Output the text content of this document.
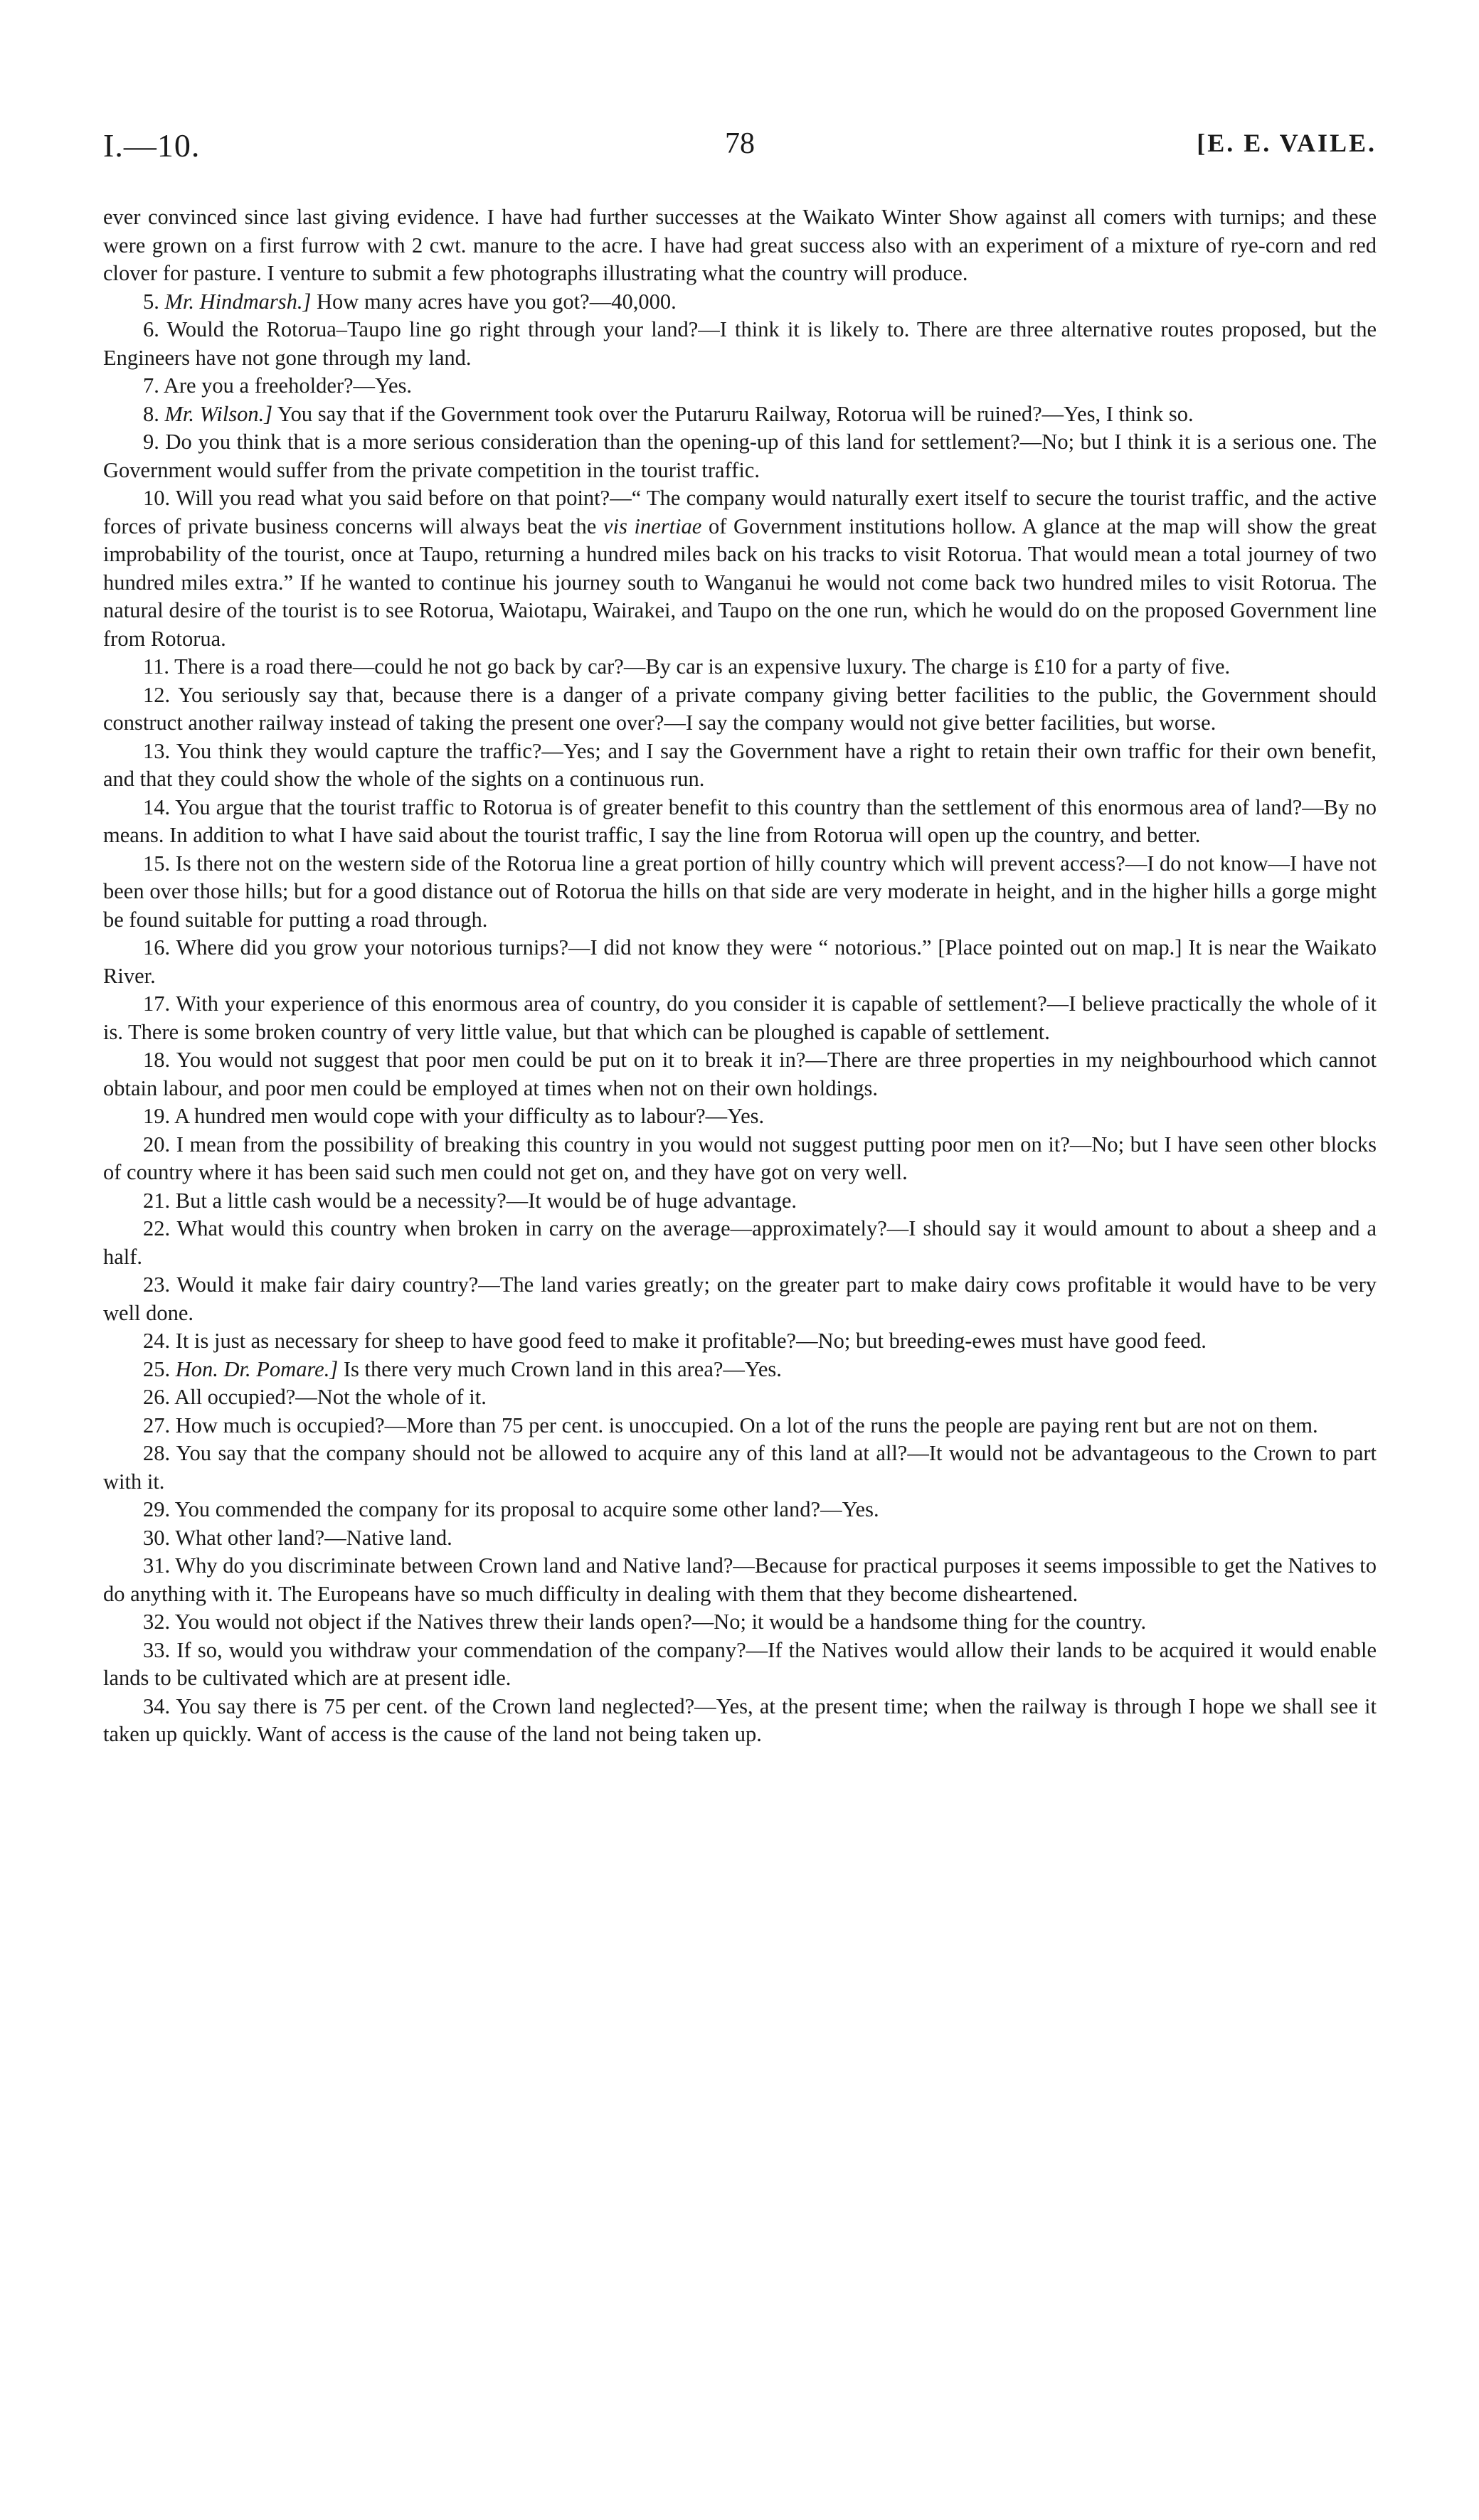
I.—10.	78	[E. E. VAILE.

ever convinced since last giving evidence. I have had further successes at the Waikato Winter Show against all comers with turnips; and these were grown on a first furrow with 2 cwt. manure to the acre. I have had great success also with an experiment of a mixture of rye-corn and red clover for pasture. I venture to submit a few photographs illustrating what the country will produce.

5. Mr. Hindmarsh.] How many acres have you got?—40,000.

6. Would the Rotorua–Taupo line go right through your land?—I think it is likely to. There are three alternative routes proposed, but the Engineers have not gone through my land.

7. Are you a freeholder?—Yes.

8. Mr. Wilson.] You say that if the Government took over the Putaruru Railway, Rotorua will be ruined?—Yes, I think so.

9. Do you think that is a more serious consideration than the opening-up of this land for settlement?—No; but I think it is a serious one. The Government would suffer from the private competition in the tourist traffic.

10. Will you read what you said before on that point?—“ The company would naturally exert itself to secure the tourist traffic, and the active forces of private business concerns will always beat the vis inertiae of Government institutions hollow. A glance at the map will show the great improbability of the tourist, once at Taupo, returning a hundred miles back on his tracks to visit Rotorua. That would mean a total journey of two hundred miles extra.” If he wanted to continue his journey south to Wanganui he would not come back two hundred miles to visit Rotorua. The natural desire of the tourist is to see Rotorua, Waiotapu, Wairakei, and Taupo on the one run, which he would do on the proposed Government line from Rotorua.

11. There is a road there—could he not go back by car?—By car is an expensive luxury. The charge is £10 for a party of five.

12. You seriously say that, because there is a danger of a private company giving better facilities to the public, the Government should construct another railway instead of taking the present one over?—I say the company would not give better facilities, but worse.

13. You think they would capture the traffic?—Yes; and I say the Government have a right to retain their own traffic for their own benefit, and that they could show the whole of the sights on a continuous run.

14. You argue that the tourist traffic to Rotorua is of greater benefit to this country than the settlement of this enormous area of land?—By no means. In addition to what I have said about the tourist traffic, I say the line from Rotorua will open up the country, and better.

15. Is there not on the western side of the Rotorua line a great portion of hilly country which will prevent access?—I do not know—I have not been over those hills; but for a good distance out of Rotorua the hills on that side are very moderate in height, and in the higher hills a gorge might be found suitable for putting a road through.

16. Where did you grow your notorious turnips?—I did not know they were “ notorious.” [Place pointed out on map.] It is near the Waikato River.

17. With your experience of this enormous area of country, do you consider it is capable of settlement?—I believe practically the whole of it is. There is some broken country of very little value, but that which can be ploughed is capable of settlement.

18. You would not suggest that poor men could be put on it to break it in?—There are three properties in my neighbourhood which cannot obtain labour, and poor men could be employed at times when not on their own holdings.

19. A hundred men would cope with your difficulty as to labour?—Yes.

20. I mean from the possibility of breaking this country in you would not suggest putting poor men on it?—No; but I have seen other blocks of country where it has been said such men could not get on, and they have got on very well.

21. But a little cash would be a necessity?—It would be of huge advantage.

22. What would this country when broken in carry on the average—approximately?—I should say it would amount to about a sheep and a half.

23. Would it make fair dairy country?—The land varies greatly; on the greater part to make dairy cows profitable it would have to be very well done.

24. It is just as necessary for sheep to have good feed to make it profitable?—No; but breeding-ewes must have good feed.

25. Hon. Dr. Pomare.] Is there very much Crown land in this area?—Yes.

26. All occupied?—Not the whole of it.

27. How much is occupied?—More than 75 per cent. is unoccupied. On a lot of the runs the people are paying rent but are not on them.

28. You say that the company should not be allowed to acquire any of this land at all?—It would not be advantageous to the Crown to part with it.

29. You commended the company for its proposal to acquire some other land?—Yes.

30. What other land?—Native land.

31. Why do you discriminate between Crown land and Native land?—Because for practical purposes it seems impossible to get the Natives to do anything with it. The Europeans have so much difficulty in dealing with them that they become disheartened.

32. You would not object if the Natives threw their lands open?—No; it would be a handsome thing for the country.

33. If so, would you withdraw your commendation of the company?—If the Natives would allow their lands to be acquired it would enable lands to be cultivated which are at present idle.

34. You say there is 75 per cent. of the Crown land neglected?—Yes, at the present time; when the railway is through I hope we shall see it taken up quickly. Want of access is the cause of the land not being taken up.
